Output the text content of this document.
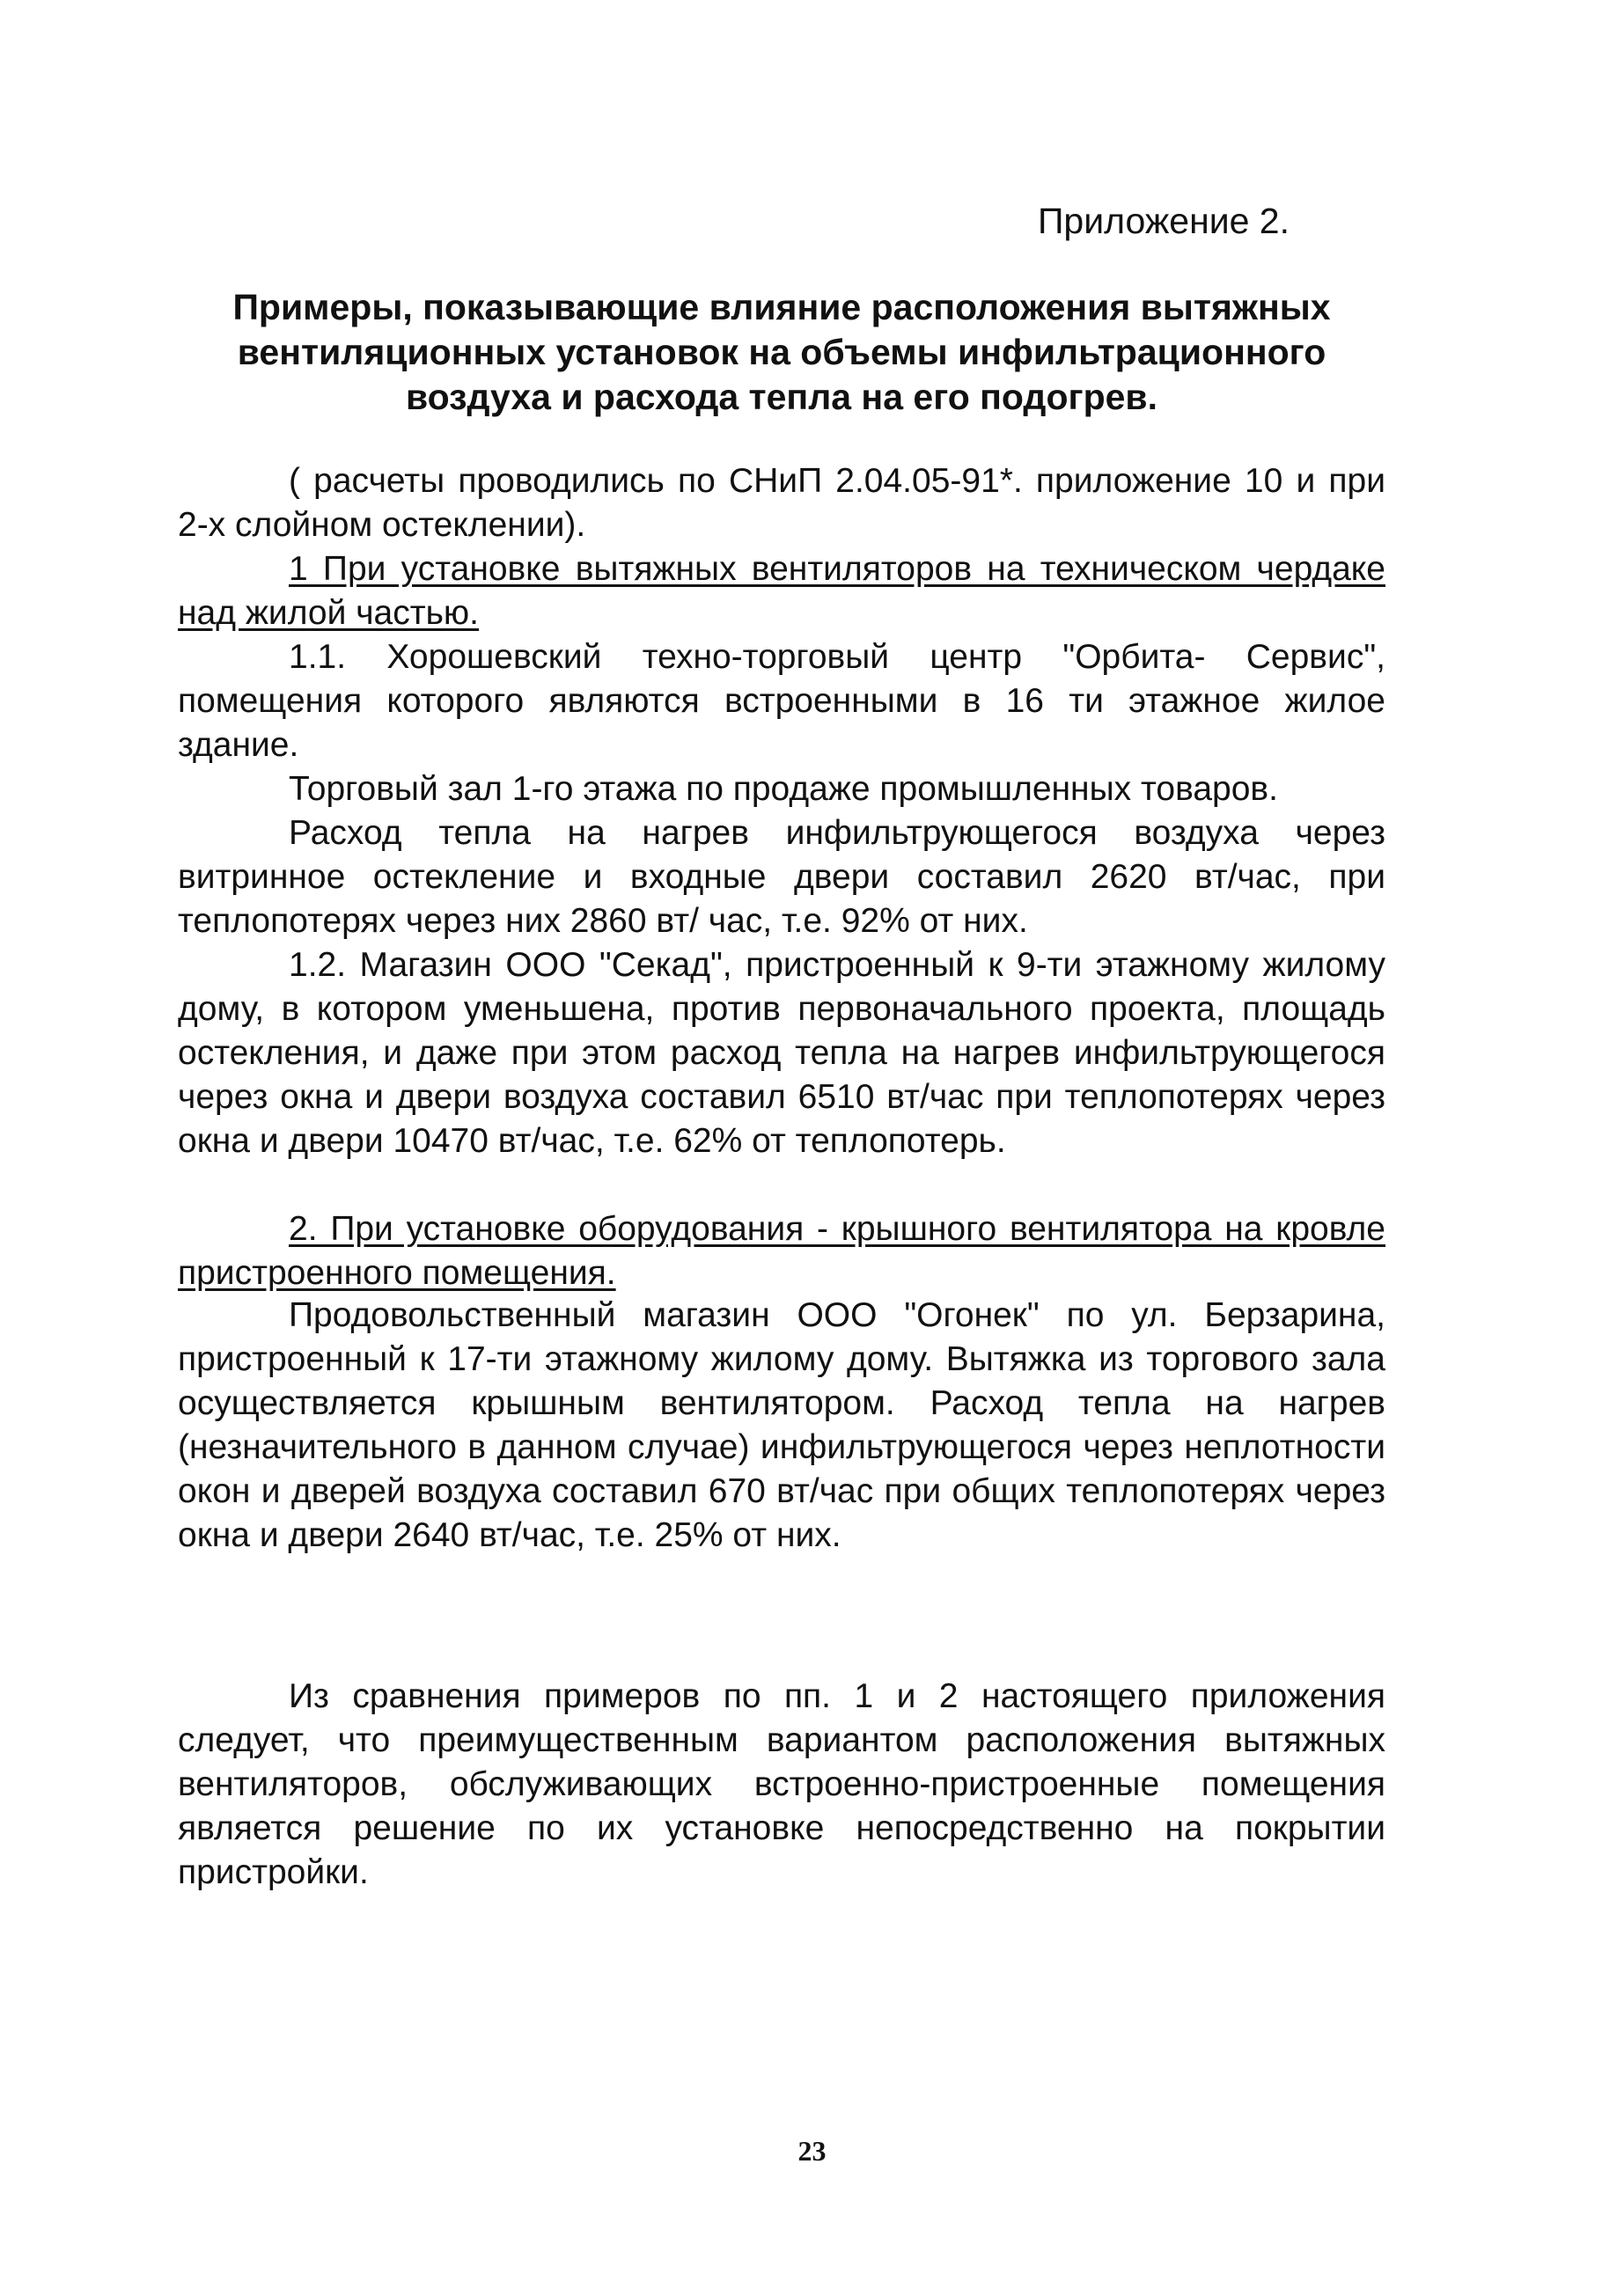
Приложение 2.
Примеры, показывающие влияние расположения вытяжных вентиляционных установок на объемы инфильтрационного воздуха и расхода тепла на его подогрев.

( расчеты проводились по СНиП 2.04.05-91*. приложение 10 и при 2-х слойном остеклении).

1 При установке вытяжных вентиляторов на техническом чердаке над жилой частью.

1.1. Хорошевский техно-торговый центр "Орбита- Сервис", помещения которого являются встроенными в 16 ти этажное жилое здание.

Торговый зал 1-го этажа по продаже промышленных товаров.

Расход тепла на нагрев инфильтрующегося воздуха через витринное остекление и входные двери составил 2620 вт/час, при теплопотерях через них 2860 вт/ час, т.е. 92% от них.

1.2. Магазин ООО "Секад", пристроенный к 9-ти этажному жилому дому, в котором уменьшена, против первоначального проекта, площадь остекления, и даже при этом расход тепла на нагрев инфильтрующегося через окна и двери воздуха составил 6510 вт/час при теплопотерях через окна и двери 10470 вт/час, т.е. 62% от теплопотерь.

2. При установке оборудования - крышного вентилятора на кровле пристроенного помещения.

Продовольственный магазин ООО "Огонек" по ул. Берзарина, пристроенный к 17-ти этажному жилому дому. Вытяжка из торгового зала осуществляется крышным вентилятором. Расход тепла на нагрев (незначительного в данном случае) инфильтрующегося через неплотности окон и дверей воздуха составил 670 вт/час при общих теплопотерях через окна и двери 2640 вт/час, т.е. 25% от них.

Из сравнения примеров по пп. 1 и 2 настоящего приложения следует, что преимущественным вариантом расположения вытяжных вентиляторов, обслуживающих встроенно-пристроенные помещения является решение по их установке непосредственно на покрытии пристройки.

23
